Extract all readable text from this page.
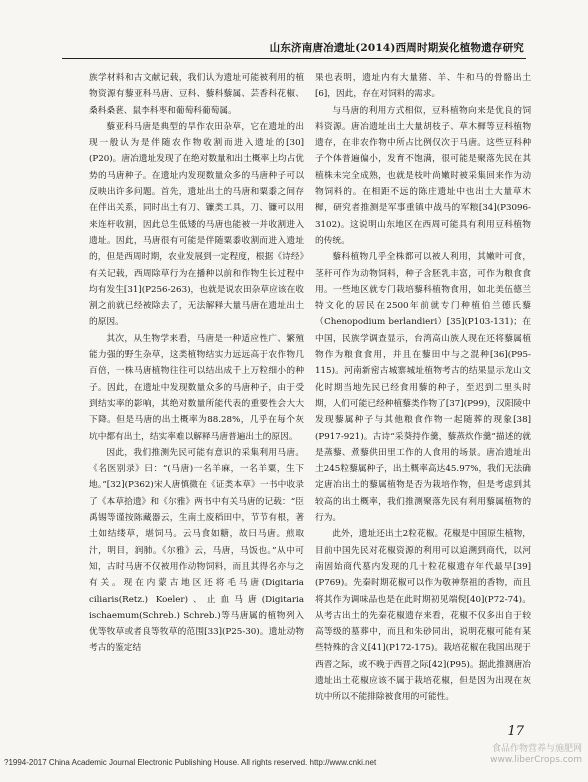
山东济南唐冶遗址(2014)西周时期炭化植物遗存研究

族学材料和古文献记载，我们认为遗址可能被利用的植物资源有藜亚科马唐、豆科、藜科藜属、芸香科花椒、桑科桑葚、鼠李科枣和葡萄科葡萄属。

藜亚科马唐是典型的旱作农田杂草，它在遗址的出现一般认为是伴随农作物收割而进入遗址的[30](P20)。唐冶遗址发现了在绝对数量和出土概率上均占优势的马唐种子。在遗址内发现数量众多的马唐种子可以反映出许多问题。首先，遗址出土的马唐和粟黍之间存在伴出关系，同时出土有刀、镰类工具，刀、镰可以用来连杆收割，因此总生低矮的马唐也能被一并收割进入遗址。因此，马唐很有可能是伴随粟黍收割而进入遗址的，但是西周时期，农业发展到一定程度，根据《诗经》有关记载，西周除草行为在播种以前和作物生长过程中均有发生[31](P256-263)，也就是说农田杂草应该在收割之前就已经被除去了，无法解释大量马唐在遗址出土的原因。

其次，从生物学来看，马唐是一种适应性广、繁殖能力强的野生杂草，这类植物结实力远远高于农作物几百倍，一株马唐植物往往可以结出成千上万粒细小的种子。因此，在遗址中发现数量众多的马唐种子，由于受到结实率的影响，其绝对数量所能代表的重要性会大大下降。但是马唐的出土概率为88.28%，几乎在每个灰坑中都有出土，结实率难以解释马唐普遍出土的原因。

因此，我们推测先民可能有意识的采集利用马唐。《名医别录》曰：“(马唐)一名羊麻，一名羊粟，生下地。”[32](P362)宋人唐慎微在《证类本草》一书中收录了《本草拾遗》和《尔雅》两书中有关马唐的记载：“臣禹锡等谨按陈藏器云，生南土废稻田中，节节有根，著土如结缕草，堪饲马。云马食如糖，故曰马唐。煎取汁，明目，润肺。《尔雅》云，马唐，马饭也。”从中可知，古时马唐不仅被用作动物饲料，而且其得名亦与之有关。现在内蒙古地区还将毛马唐(Digitaria ciliaris(Retz.) Koeler)、止血马唐(Digitaria ischaemum(Schreb.) Schreb.)等马唐属的植物列入优等牧草或者良等牧草的范围[33](P25-30)。遗址动物考古的鉴定结

果也表明，遗址内有大量猪、羊、牛和马的骨骼出土[6]，因此，存在对饲料的需求。

与马唐的利用方式相似，豆科植物向来是优良的饲料资源。唐冶遗址出土大量胡枝子、草木樨等豆科植物遗存，在非农作物中所占比例仅次于马唐。这些豆科种子个体普遍偏小，发育不饱满，很可能是聚落先民在其植株未完全成熟，也就是枝叶尚嫩时被采集回来作为动物饲料的。在相距不远的陈庄遗址中也出土大量草木樨，研究者推测是军事重镇中战马的军粮[34](P3096-3102)。这说明山东地区在西周可能具有利用豆科植物的传统。

藜科植物几乎全株都可以被人利用，其嫩叶可食，茎秆可作为动物饲料，种子含胚乳丰富，可作为粮食食用。一些地区就专门栽培藜科植物食用，如北美伍德兰特文化的居民在2500年前就专门种植伯兰德氏藜（Chenopodium berlandieri）[35](P103-131)；在中国，民族学调查显示，台湾高山族人现在还将藜属植物作为粮食食用，并且在藜田中与之混种[36](P95-115)。河南新密古城寨城址植物考古的结果显示龙山文化时期当地先民已经食用藜的种子，至迟到二里头时期，人们可能已经种植藜类作物了[37](P99)，汉阳陵中发现藜属种子与其他粮食作物一起随葬的现象[38](P917-921)。古诗“采葵持作羹，藜蒸炊作羹”描述的就是蒸藜、煮藜供田里工作的人食用的场景。唐冶遗址出土245粒藜属种子，出土概率高达45.97%，我们无法确定唐冶出土的藜属植物是否为栽培作物，但是考虑到其较高的出土概率，我们推测聚落先民有利用藜属植物的行为。

此外，遗址还出土2粒花椒。花椒是中国原生植物，目前中国先民对花椒资源的利用可以追溯到商代，以河南固始商代墓内发现的几十粒花椒遗存年代最早[39](P769)。先秦时期花椒可以作为敬神祭祖的香物，而且将其作为调味品也是在此时期初见端倪[40](P72-74)。从考古出土的先秦花椒遗存来看，花椒不仅多出自于较高等级的墓葬中，而且和朱砂同出，说明花椒可能有某些特殊的含义[41](P172-175)。栽培花椒在我国出现于西晋之际，或不晚于西晋之际[42](P95)。据此推测唐冶遗址出土花椒应该不属于栽培花椒，但是因为出现在灰坑中所以不能排除被食用的可能性。

17
食品作物营养与施肥网
www.liberCrops.com
?1994-2017 China Academic Journal Electronic Publishing House. All rights reserved. http://www.cnki.net
